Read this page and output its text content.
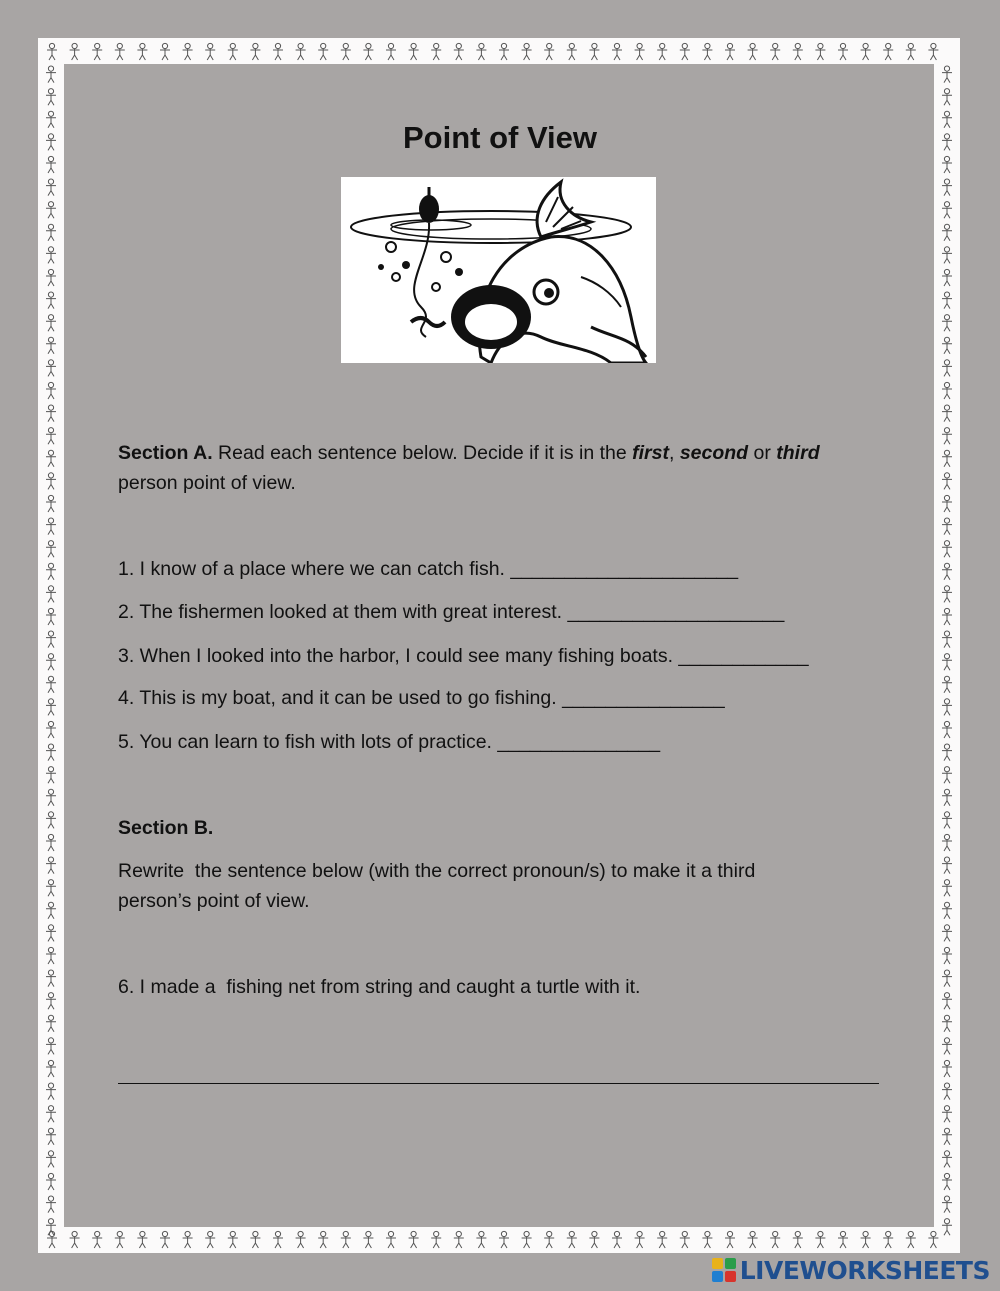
Point of View
Section A. Read each sentence below. Decide if it is in the first, second or third
person point of view.
1. I know of a place where we can catch fish. _____________________
2. The fishermen looked at them with great interest. ____________________
3. When I looked into the harbor, I could see many fishing boats. ____________
4. This is my boat, and it can be used to go fishing. _______________
5. You can learn to fish with lots of practice. _______________
Section B.
Rewrite  the sentence below (with the correct pronoun/s) to make it a third
person’s point of view.
6. I made a  fishing net from string and caught a turtle with it.
LIVEWORKSHEETS
